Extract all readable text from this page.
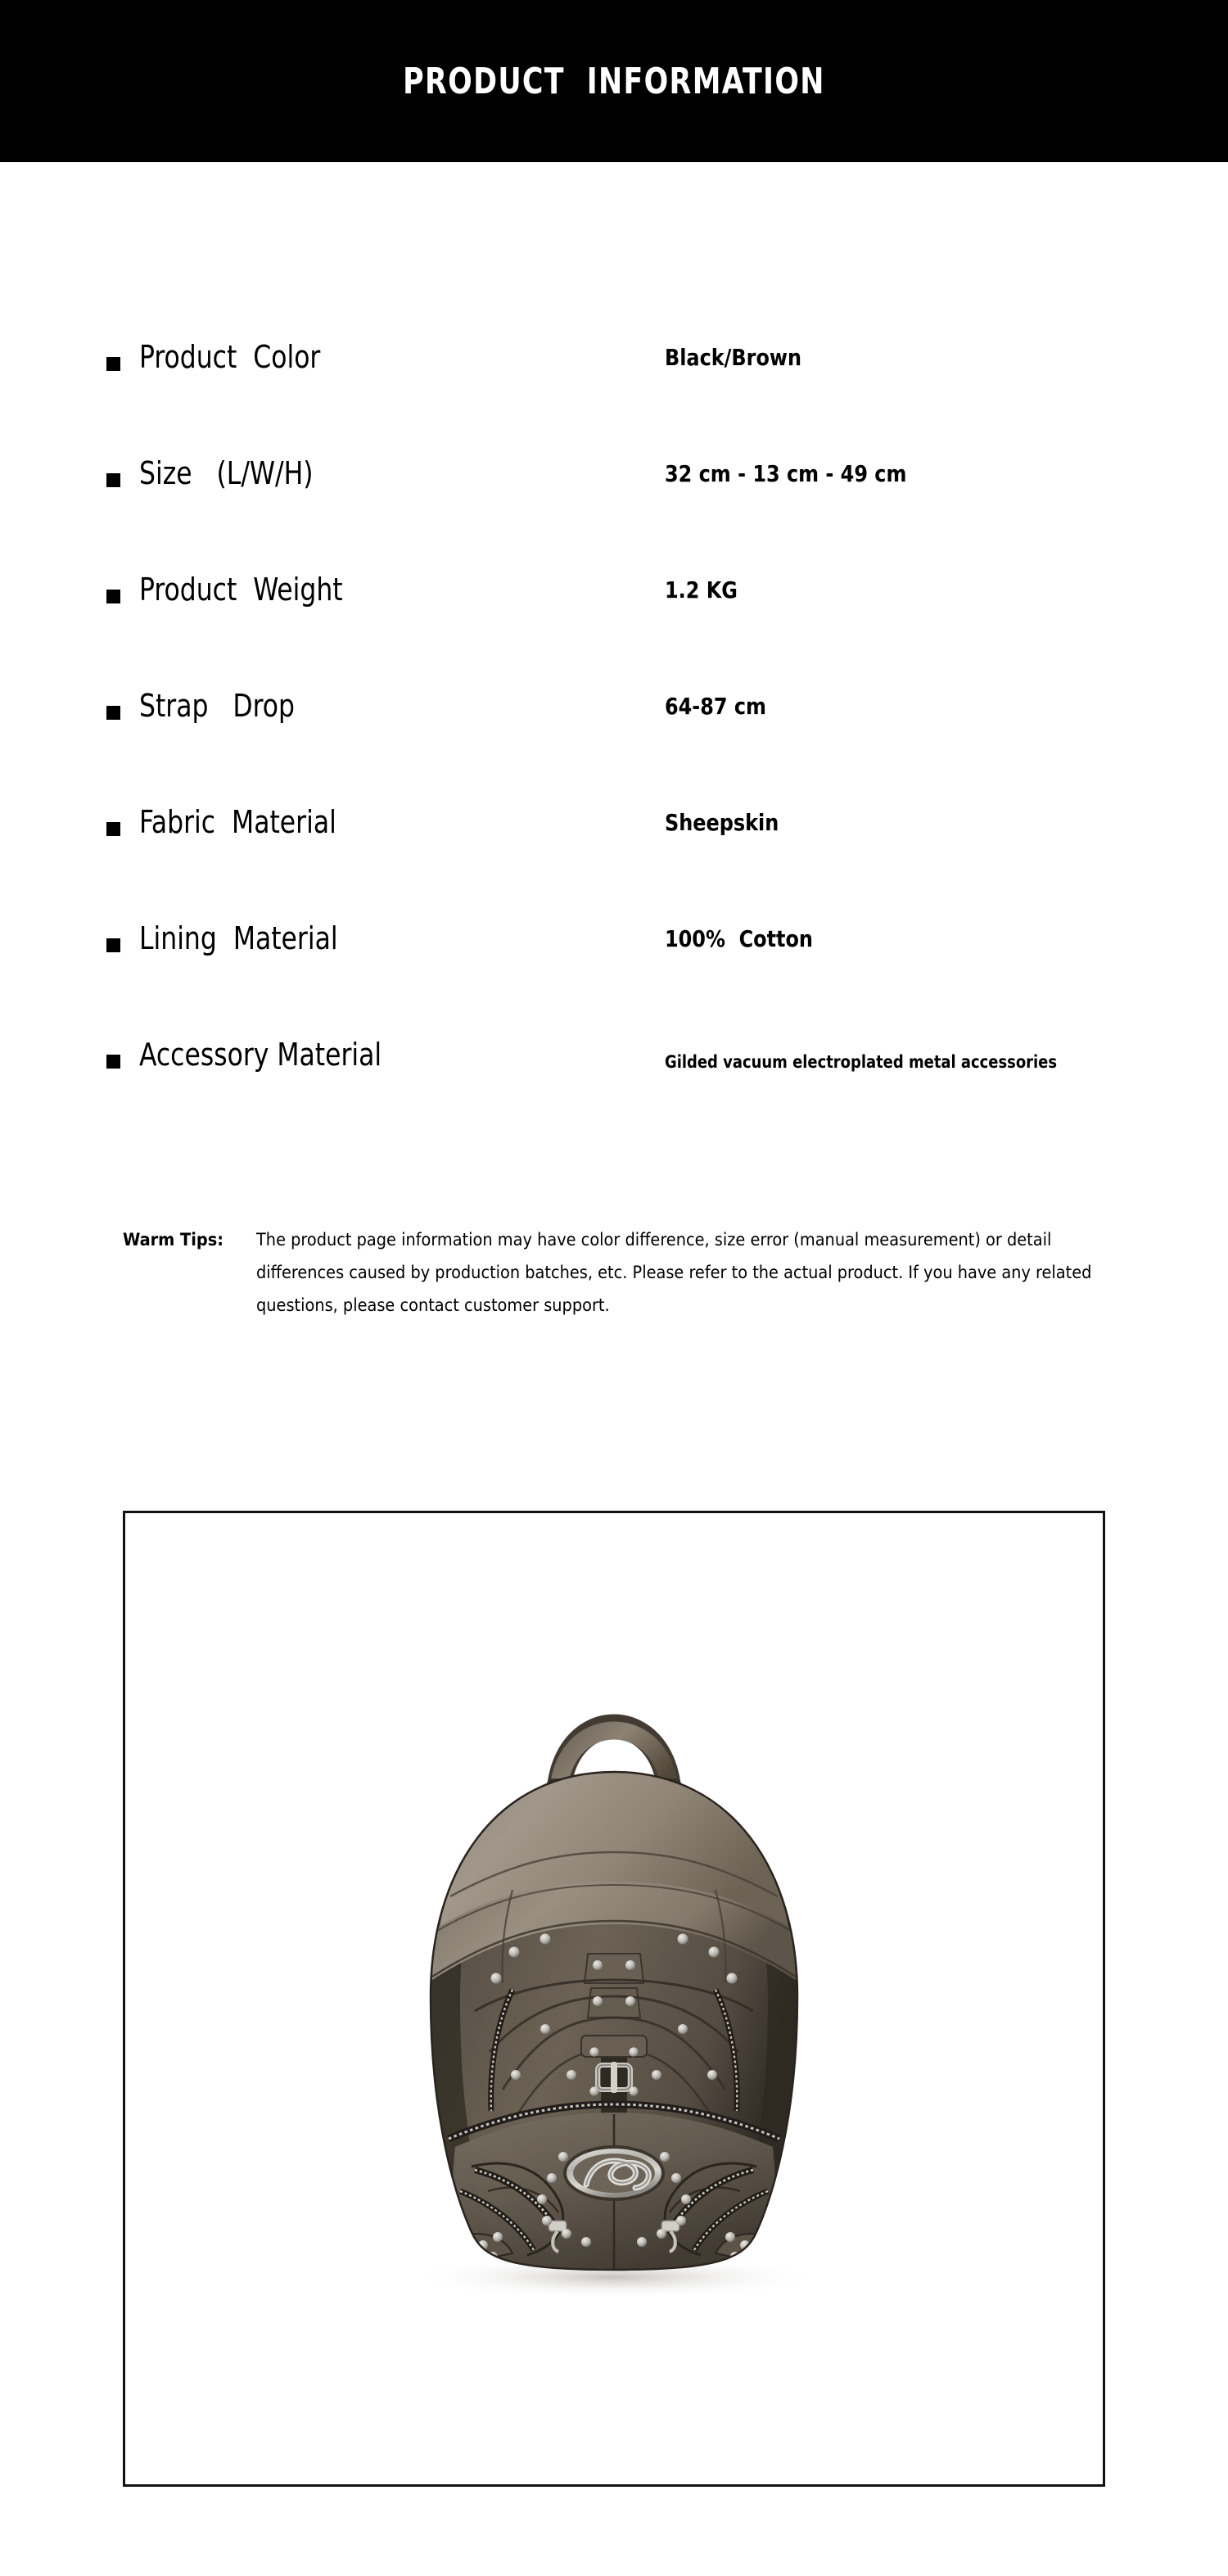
PRODUCT  INFORMATION
Product  Color	Black/Brown
Size   (L/W/H)	32 cm - 13 cm - 49 cm
Product  Weight	1.2 KG
Strap   Drop	64-87 cm
Fabric  Material	Sheepskin
Lining  Material	100%  Cotton
Accessory Material	Gilded vacuum electroplated metal accessories
Warm Tips: The product page information may have color difference, size error (manual measurement) or detail differences caused by production batches, etc. Please refer to the actual product. If you have any related questions, please contact customer support.
